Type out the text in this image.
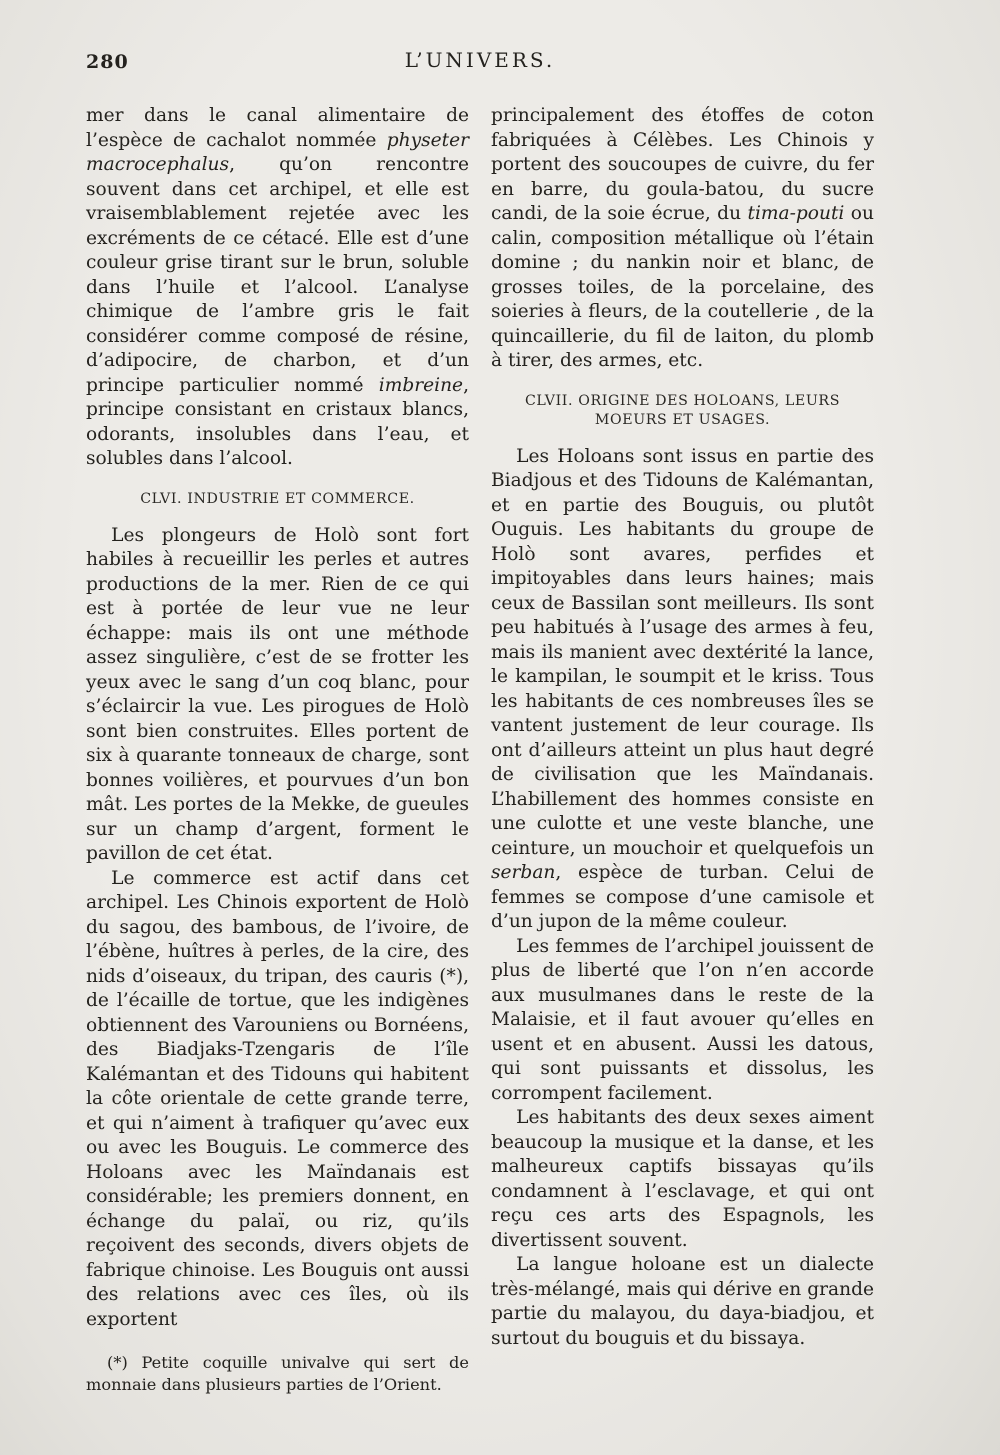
280	L’UNIVERS.

mer dans le canal alimentaire de l’espèce de cachalot nommée physeter macrocephalus, qu’on rencontre souvent dans cet archipel, et elle est vraisemblablement rejetée avec les excréments de ce cétacé. Elle est d’une couleur grise tirant sur le brun, soluble dans l’huile et l’alcool. L’analyse chimique de l’ambre gris le fait considérer comme composé de résine, d’adipocire, de charbon, et d’un principe particulier nommé imbreine, principe consistant en cristaux blancs, odorants, insolubles dans l’eau, et solubles dans l’alcool.

CLVI. INDUSTRIE ET COMMERCE.

Les plongeurs de Holò sont fort habiles à recueillir les perles et autres productions de la mer. Rien de ce qui est à portée de leur vue ne leur échappe: mais ils ont une méthode assez singulière, c’est de se frotter les yeux avec le sang d’un coq blanc, pour s’éclaircir la vue. Les pirogues de Holò sont bien construites. Elles portent de six à quarante tonneaux de charge, sont bonnes voilières, et pourvues d’un bon mât. Les portes de la Mekke, de gueules sur un champ d’argent, forment le pavillon de cet état.

Le commerce est actif dans cet archipel. Les Chinois exportent de Holò du sagou, des bambous, de l’ivoire, de l’ébène, huîtres à perles, de la cire, des nids d’oiseaux, du tripan, des cauris (*), de l’écaille de tortue, que les indigènes obtiennent des Varouniens ou Bornéens, des Biadjaks-Tzengaris de l’île Kalémantan et des Tidouns qui habitent la côte orientale de cette grande terre, et qui n’aiment à trafiquer qu’avec eux ou avec les Bouguis. Le commerce des Holoans avec les Maïndanais est considérable; les premiers donnent, en échange du palaï, ou riz, qu’ils reçoivent des seconds, divers objets de fabrique chinoise. Les Bouguis ont aussi des relations avec ces îles, où ils exportent

(*) Petite coquille univalve qui sert de monnaie dans plusieurs parties de l’Orient.

principalement des étoffes de coton fabriquées à Célèbes. Les Chinois y portent des soucoupes de cuivre, du fer en barre, du goula-batou, du sucre candi, de la soie écrue, du tima-pouti ou calin, composition métallique où l’étain domine ; du nankin noir et blanc, de grosses toiles, de la porcelaine, des soieries à fleurs, de la coutellerie , de la quincaillerie, du fil de laiton, du plomb à tirer, des armes, etc.

CLVII. ORIGINE DES HOLOANS, LEURS MOEURS ET USAGES.

Les Holoans sont issus en partie des Biadjous et des Tidouns de Kalémantan, et en partie des Bouguis, ou plutôt Ouguis. Les habitants du groupe de Holò sont avares, perfides et impitoyables dans leurs haines; mais ceux de Bassilan sont meilleurs. Ils sont peu habitués à l’usage des armes à feu, mais ils manient avec dextérité la lance, le kampilan, le soumpit et le kriss. Tous les habitants de ces nombreuses îles se vantent justement de leur courage. Ils ont d’ailleurs atteint un plus haut degré de civilisation que les Maïndanais. L’habillement des hommes consiste en une culotte et une veste blanche, une ceinture, un mouchoir et quelquefois un serban, espèce de turban. Celui de femmes se compose d’une camisole et d’un jupon de la même couleur.

Les femmes de l’archipel jouissent de plus de liberté que l’on n’en accorde aux musulmanes dans le reste de la Malaisie, et il faut avouer qu’elles en usent et en abusent. Aussi les datous, qui sont puissants et dissolus, les corrompent facilement.

Les habitants des deux sexes aiment beaucoup la musique et la danse, et les malheureux captifs bissayas qu’ils condamnent à l’esclavage, et qui ont reçu ces arts des Espagnols, les divertissent souvent.

La langue holoane est un dialecte très-mélangé, mais qui dérive en grande partie du malayou, du daya-biadjou, et surtout du bouguis et du bissaya.
